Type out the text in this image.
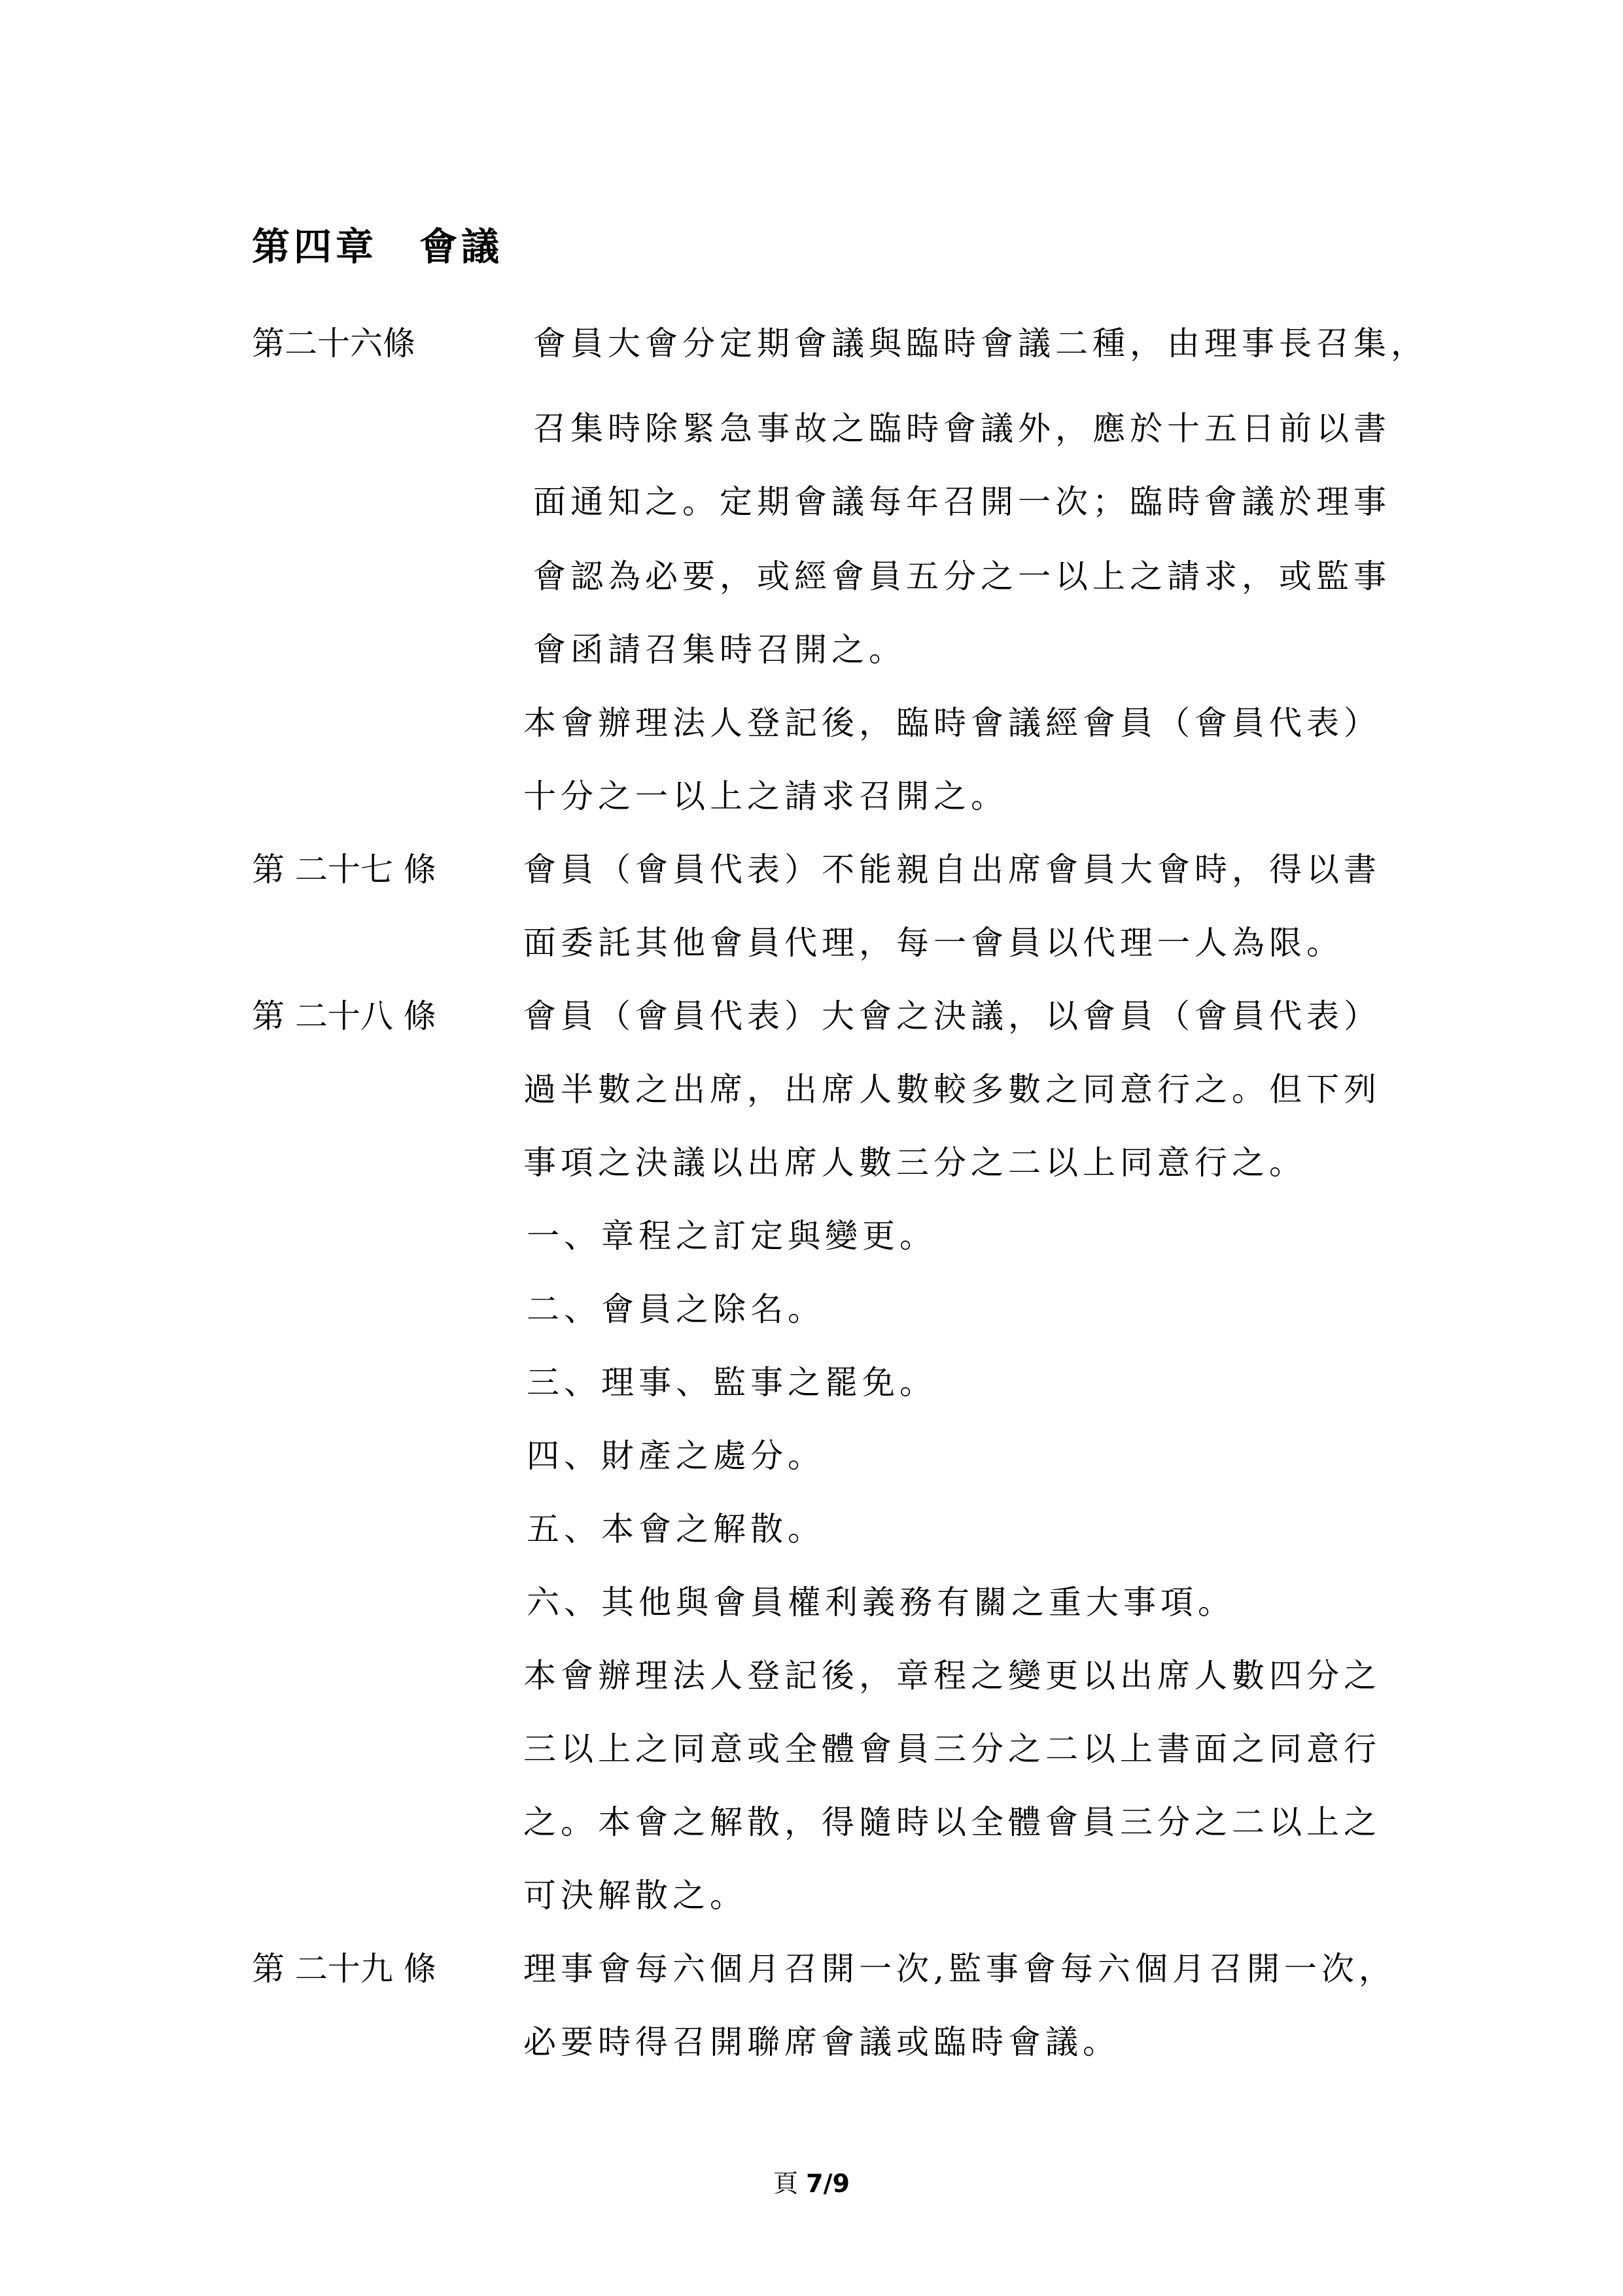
第四章　會議
第二十六條	會員大會分定期會議與臨時會議二種，由理事長召集，
召集時除緊急事故之臨時會議外，應於十五日前以書
面通知之。定期會議每年召開一次；臨時會議於理事
會認為必要，或經會員五分之一以上之請求，或監事
會函請召集時召開之。
本會辦理法人登記後，臨時會議經會員（會員代表）
十分之一以上之請求召開之。
第 二十七 條	會員（會員代表）不能親自出席會員大會時，得以書
面委託其他會員代理，每一會員以代理一人為限。
第 二十八 條	會員（會員代表）大會之決議，以會員（會員代表）
過半數之出席，出席人數較多數之同意行之。但下列
事項之決議以出席人數三分之二以上同意行之。
一、章程之訂定與變更。
二、會員之除名。
三、理事、監事之罷免。
四、財產之處分。
五、本會之解散。
六、其他與會員權利義務有關之重大事項。
本會辦理法人登記後，章程之變更以出席人數四分之
三以上之同意或全體會員三分之二以上書面之同意行
之。本會之解散，得隨時以全體會員三分之二以上之
可決解散之。
第 二十九 條	理事會每六個月召開一次,監事會每六個月召開一次，
必要時得召開聯席會議或臨時會議。
頁 7/9
